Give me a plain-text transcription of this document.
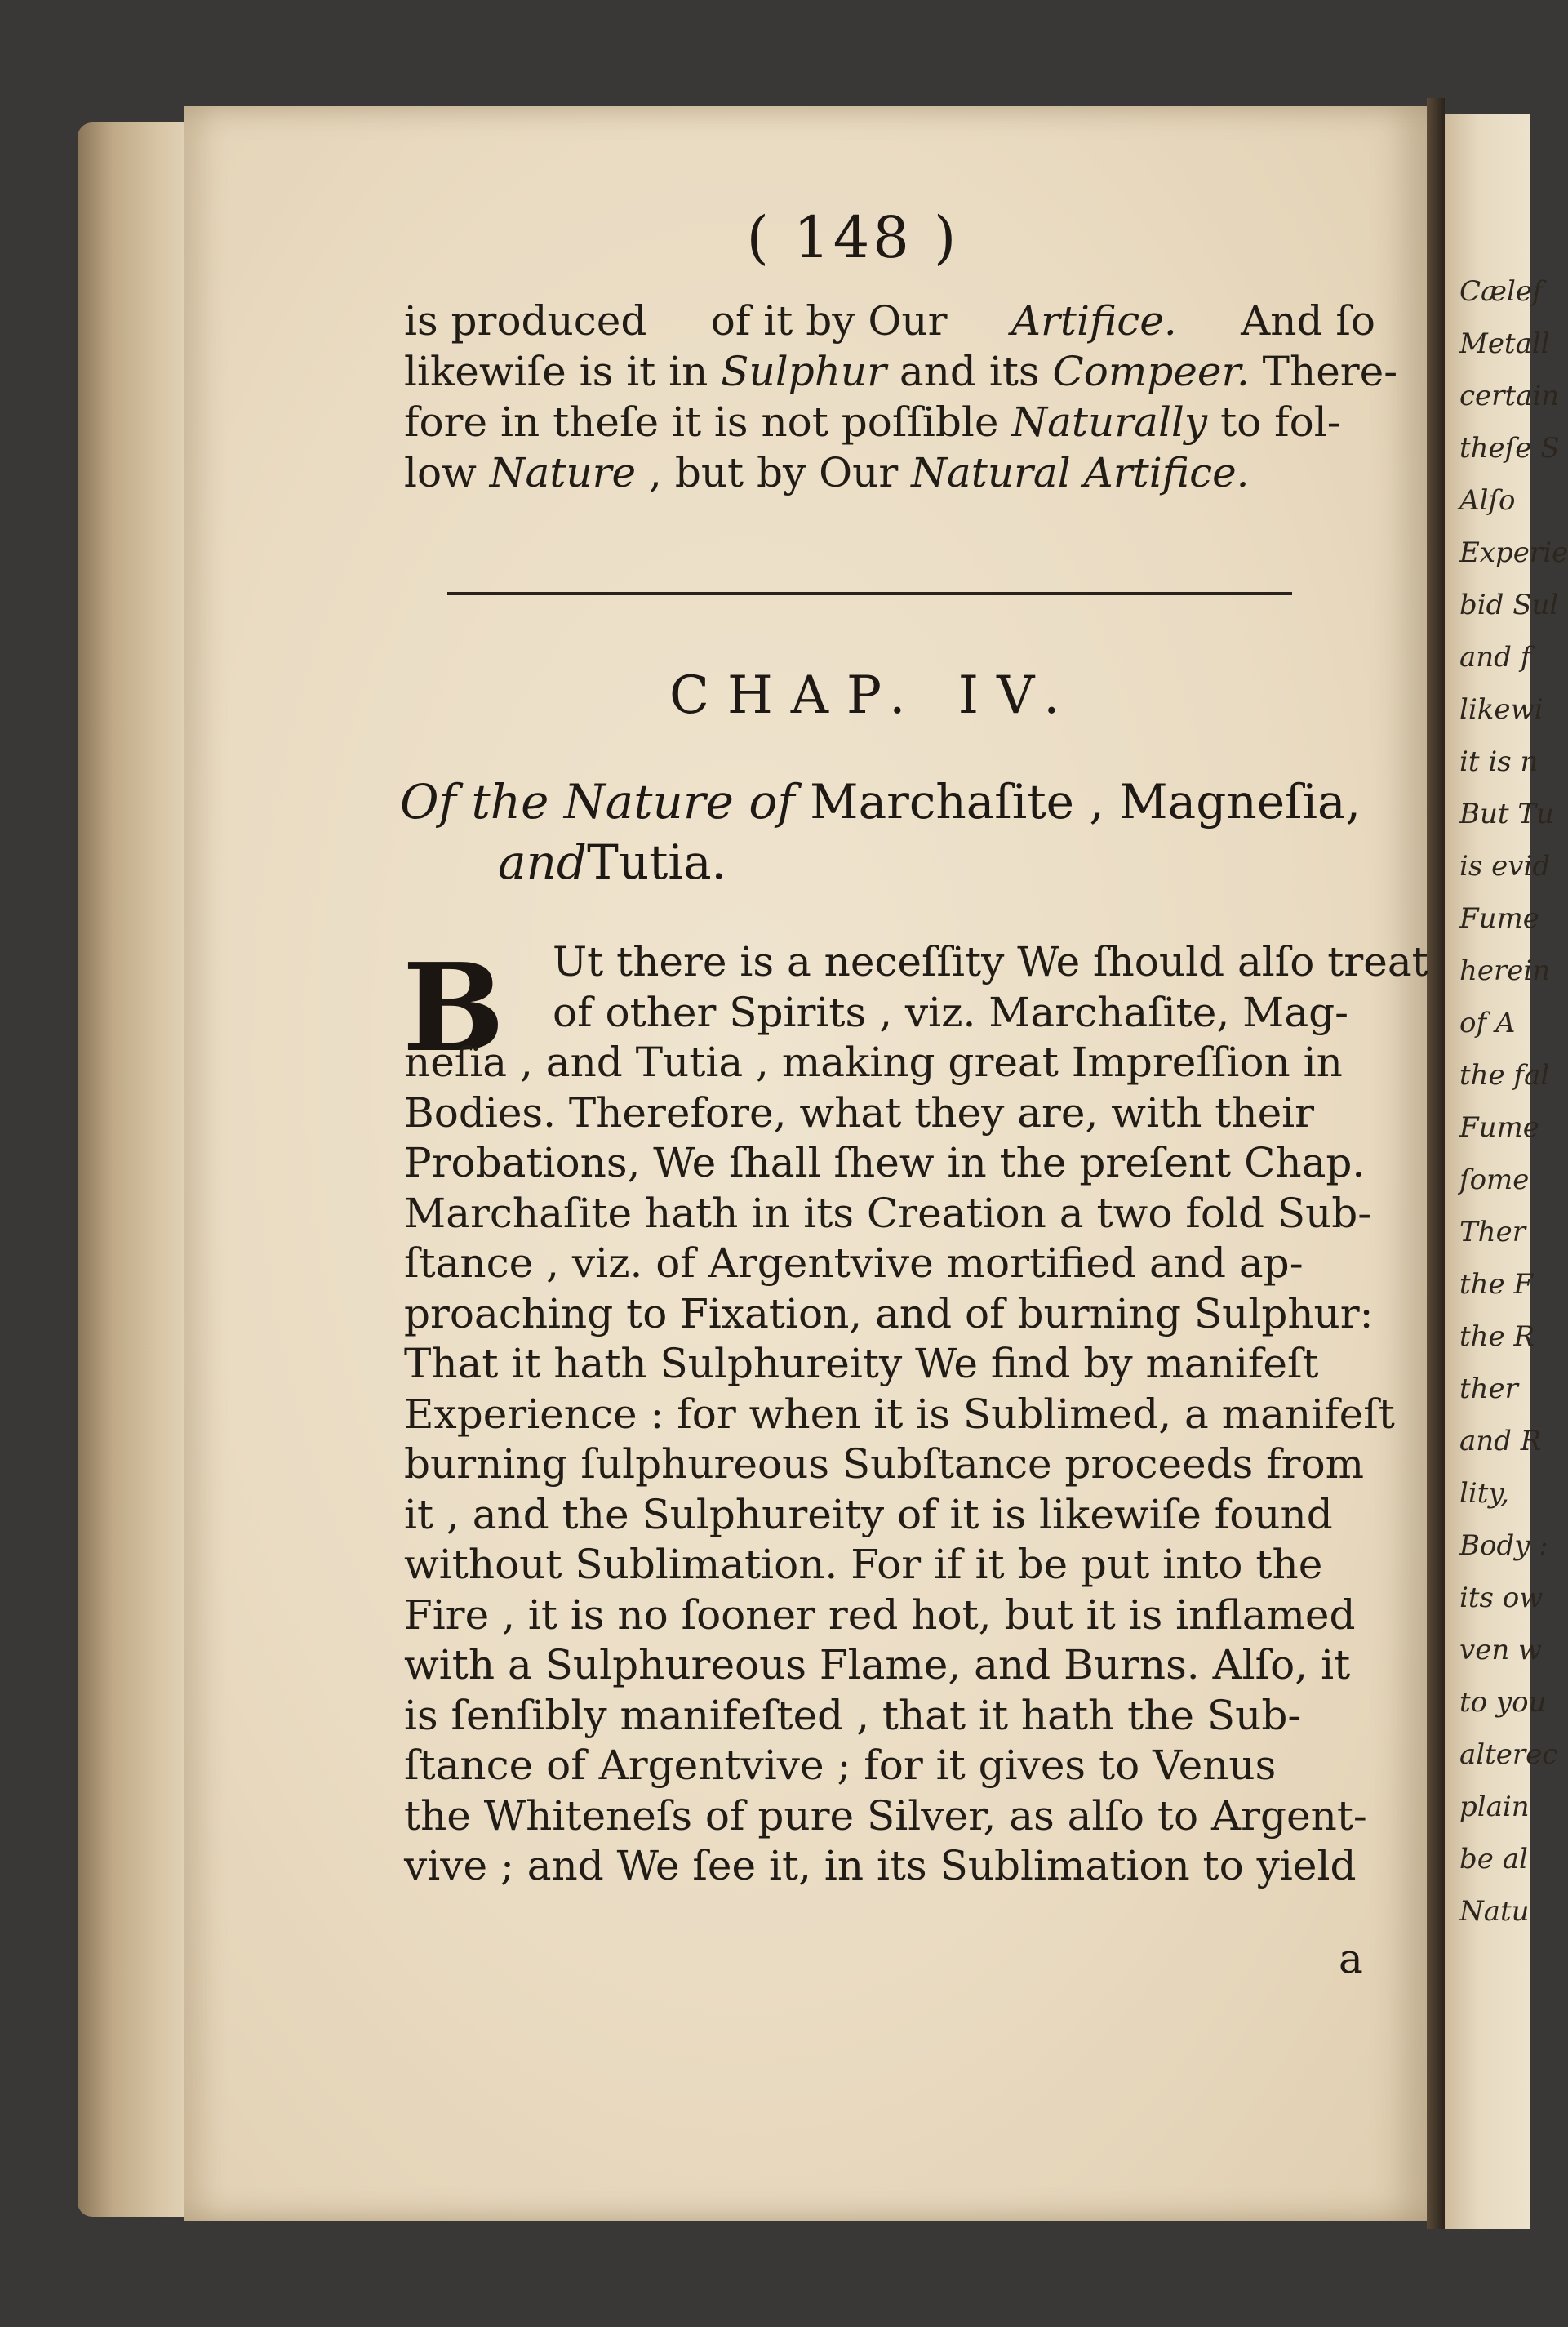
Cælef
Metall
certain
theſe S
Alſo
Experie
bid Sul
and f
likewi
it is n
But Tu
is evid
Fume
herein
of A
the fal
Fume
ſome
Ther
the F
the R
ther
and R
lity,
Body :
its ow
ven w
to you
alterec
plain
be al
Natu
( 148 )
is produced of it by Our Artifice. And ſo
likewiſe is it in Sulphur and its Compeer. There-
fore in theſe it is not poſſible Naturally to fol-
low Nature , but by Our Natural Artifice.
CHAP. IV.
Of the Nature of Marchaſite , Magneſia,
andTutia.
B	Ut there is a neceſſity We ſhould alſo treat
of other Spirits , viz. Marchaſite, Mag-
neſia , and Tutia , making great Impreſſion in
Bodies. Therefore, what they are, with their
Probations, We ſhall ſhew in the preſent Chap.
Marchaſite hath in its Creation a two fold Sub-
ſtance , viz. of Argentvive mortified and ap-
proaching to Fixation, and of burning Sulphur:
That it hath Sulphureity We find by manifeſt
Experience : for when it is Sublimed, a manifeſt
burning ſulphureous Subſtance proceeds from
it , and the Sulphureity of it is likewiſe found
without Sublimation. For if it be put into the
Fire , it is no ſooner red hot, but it is inflamed
with a Sulphureous Flame, and Burns. Alſo, it
is ſenſibly manifeſted , that it hath the Sub-
ſtance of Argentvive ; for it gives to Venus
the Whiteneſs of pure Silver, as alſo to Argent-
vive ; and We ſee it, in its Sublimation to yield
a
